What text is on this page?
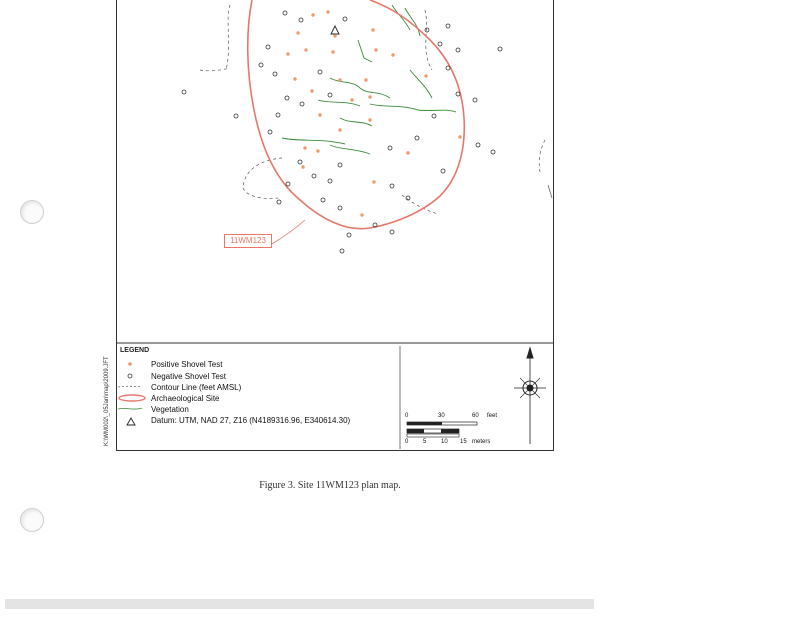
11WM123
LEGEND
Positive Shovel Test
Negative Shovel Test
Contour Line (feet AMSL)
Archaeological Site
Vegetation
Datum: UTM, NAD 27, Z16 (N4189316.96, E340614.30)
K:\WM002\_05Jan\map\2009.JFT	0	30	60 feet
0 5 10 15 meters
Figure 3. Site 11WM123 plan map.
